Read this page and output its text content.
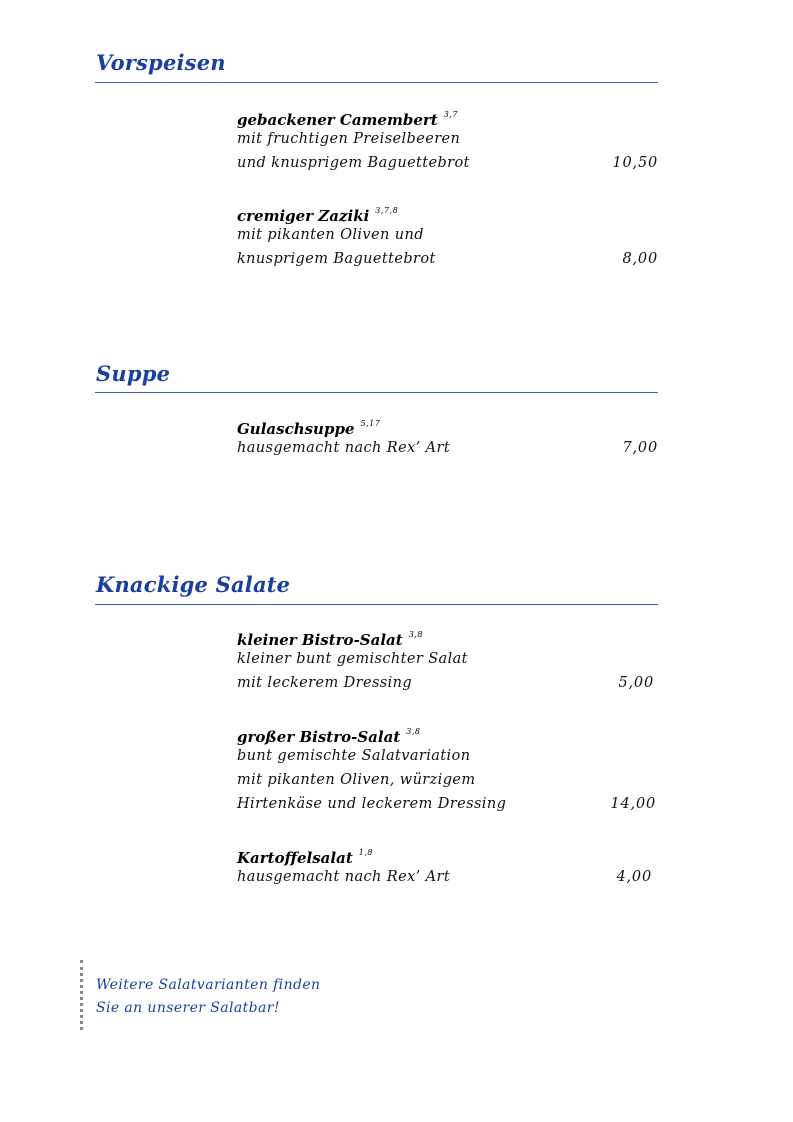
Vorspeisen
gebackener Camembert $^{3,7}$
mit fruchtigen Preiselbeeren
und knusprigem Baguettebrot	10,50
cremiger Zaziki $^{3,7,8}$
mit pikanten Oliven und
knusprigem Baguettebrot	8,00
Suppe
Gulaschsuppe $^{5,17}$
hausgemacht nach Rex’ Art	7,00
Knackige Salate
kleiner Bistro-Salat $^{3,8}$
kleiner bunt gemischter Salat
mit leckerem Dressing	5,00
großer Bistro-Salat $^{3,8}$
bunt gemischte Salatvariation
mit pikanten Oliven, würzigem
Hirtenkäse und leckerem Dressing	14,00
Kartoffelsalat $^{1,8}$
hausgemacht nach Rex’ Art	4,00
Weitere Salatvarianten finden
Sie an unserer Salatbar!
